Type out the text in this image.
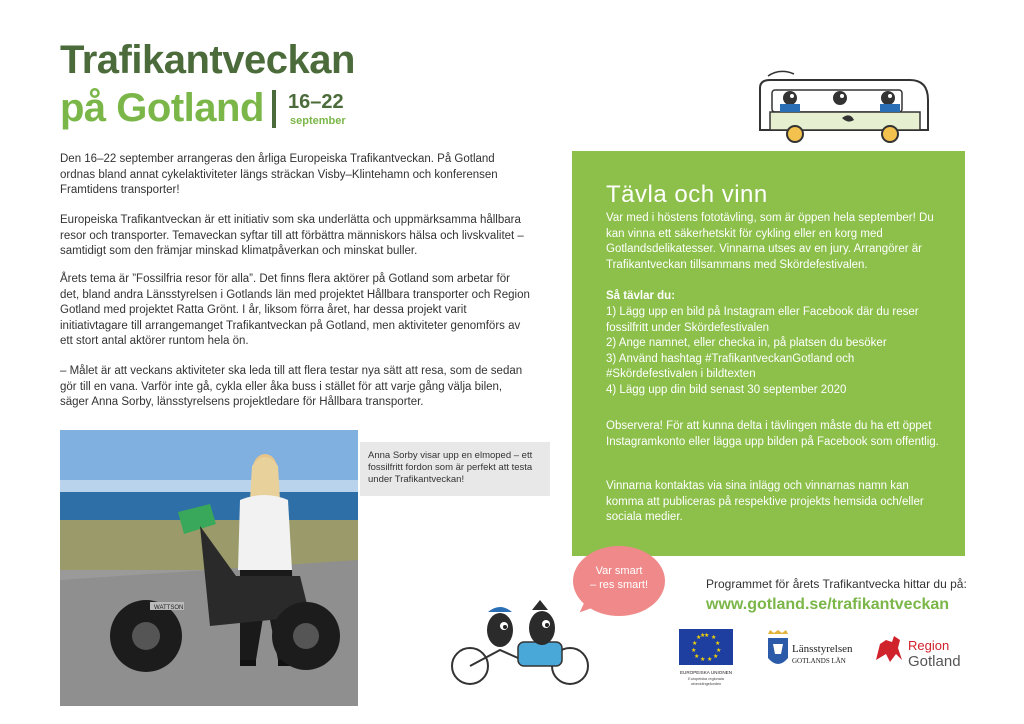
Trafikantveckan
på Gotland 16–22
september

Den 16–22 september arrangeras den årliga Europeiska Trafikantveckan. På Gotland ordnas bland annat cykelaktiviteter längs sträckan Visby–Klintehamn och konferensen Framtidens transporter!

Europeiska Trafikantveckan är ett initiativ som ska underlätta och uppmärksamma hållbara resor och transporter. Temaveckan syftar till att förbättra människors hälsa och livskvalitet – samtidigt som den främjar minskad klimatpåverkan och minskat buller.

Årets tema är ”Fossilfria resor för alla”. Det finns flera aktörer på Gotland som arbetar för det, bland andra Länsstyrelsen i Gotlands län med projektet Hållbara transporter och Region Gotland med projektet Ratta Grönt. I år, liksom förra året, har dessa projekt varit initiativtagare till arrangemanget Trafikantveckan på Gotland, men aktiviteter genomförs av ett stort antal aktörer runtom hela ön.

– Målet är att veckans aktiviteter ska leda till att flera testar nya sätt att resa, som de sedan gör till en vana. Varför inte gå, cykla eller åka buss i stället för att varje gång välja bilen, säger Anna Sorby, länsstyrelsens projektledare för Hållbara transporter.

WATTSON
Anna Sorby visar upp en elmoped – ett fossilfritt fordon som är perfekt att testa under Trafikantveckan!
Tävla och vinn

Var med i höstens fototävling, som är öppen hela september! Du kan vinna ett säkerhetskit för cykling eller en korg med Gotlandsdelikatesser. Vinnarna utses av en jury. Arrangörer är Trafikantveckan tillsammans med Skördefestivalen.

Så tävlar du:

1) Lägg upp en bild på Instagram eller Facebook där du reser fossilfritt under Skördefestivalen
2) Ange namnet, eller checka in, på platsen du besöker
3) Använd hashtag #TrafikantveckanGotland och #Skördefestivalen i bildtexten
4) Lägg upp din bild senast 30 september 2020

Observera! För att kunna delta i tävlingen måste du ha ett öppet Instagramkonto eller lägga upp bilden på Facebook som offentlig.

Vinnarna kontaktas via sina inlägg och vinnarnas namn kan komma att publiceras på respektive projekts hemsida och/eller sociala medier.

Var smart
– res smart!	Programmet för årets Trafikantvecka hittar du på:
www.gotland.se/trafikantveckan
★ ★
★
★
★
★
★
★
★
★
★
★
EUROPEISKA UNIONEN
Europeiska regionala
utvecklingsfonden
Länsstyrelsen
GOTLANDS LÄN
Region
Gotland
